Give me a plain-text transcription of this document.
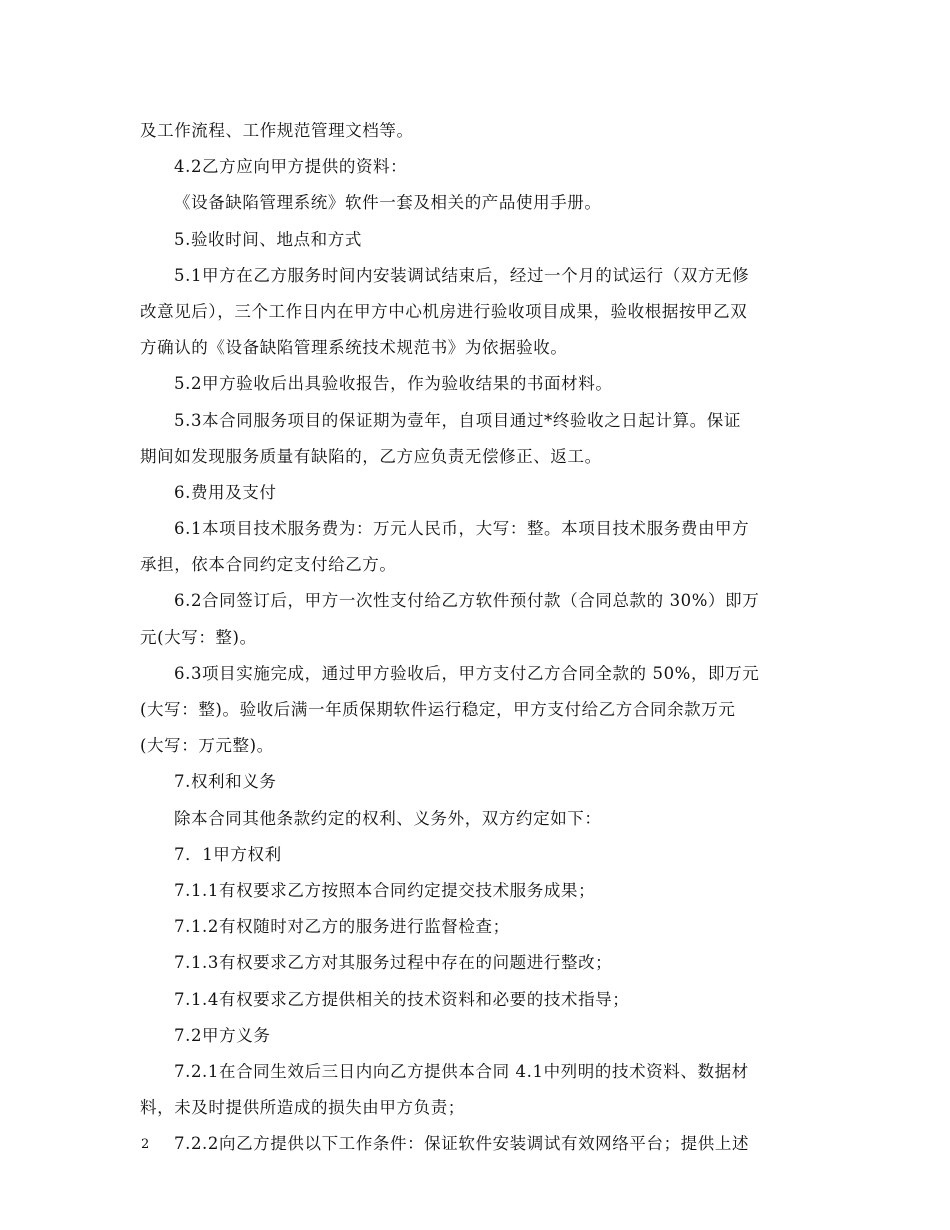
及工作流程、工作规范管理文档等。
4.2乙方应向甲方提供的资料：
《设备缺陷管理系统》软件一套及相关的产品使用手册。
5.验收时间、地点和方式
5.1甲方在乙方服务时间内安装调试结束后，经过一个月的试运行（双方无修
改意见后），三个工作日内在甲方中心机房进行验收项目成果，验收根据按甲乙双
方确认的《设备缺陷管理系统技术规范书》为依据验收。
5.2甲方验收后出具验收报告，作为验收结果的书面材料。
5.3本合同服务项目的保证期为壹年，自项目通过*终验收之日起计算。保证
期间如发现服务质量有缺陷的，乙方应负责无偿修正、返工。
6.费用及支付
6.1本项目技术服务费为：万元人民币，大写：整。本项目技术服务费由甲方
承担，依本合同约定支付给乙方。
6.2合同签订后，甲方一次性支付给乙方软件预付款（合同总款的 30%）即万
元(大写：整)。
6.3项目实施完成，通过甲方验收后，甲方支付乙方合同全款的 50%，即万元
(大写：整)。验收后满一年质保期软件运行稳定，甲方支付给乙方合同余款万元
(大写：万元整)。
7.权利和义务
除本合同其他条款约定的权利、义务外，双方约定如下：
7．1甲方权利
7.1.1有权要求乙方按照本合同约定提交技术服务成果；
7.1.2有权随时对乙方的服务进行监督检查；
7.1.3有权要求乙方对其服务过程中存在的问题进行整改；
7.1.4有权要求乙方提供相关的技术资料和必要的技术指导；
7.2甲方义务
7.2.1在合同生效后三日内向乙方提供本合同 4.1中列明的技术资料、数据材
料，未及时提供所造成的损失由甲方负责；
7.2.2向乙方提供以下工作条件：保证软件安装调试有效网络平台；提供上述
2
